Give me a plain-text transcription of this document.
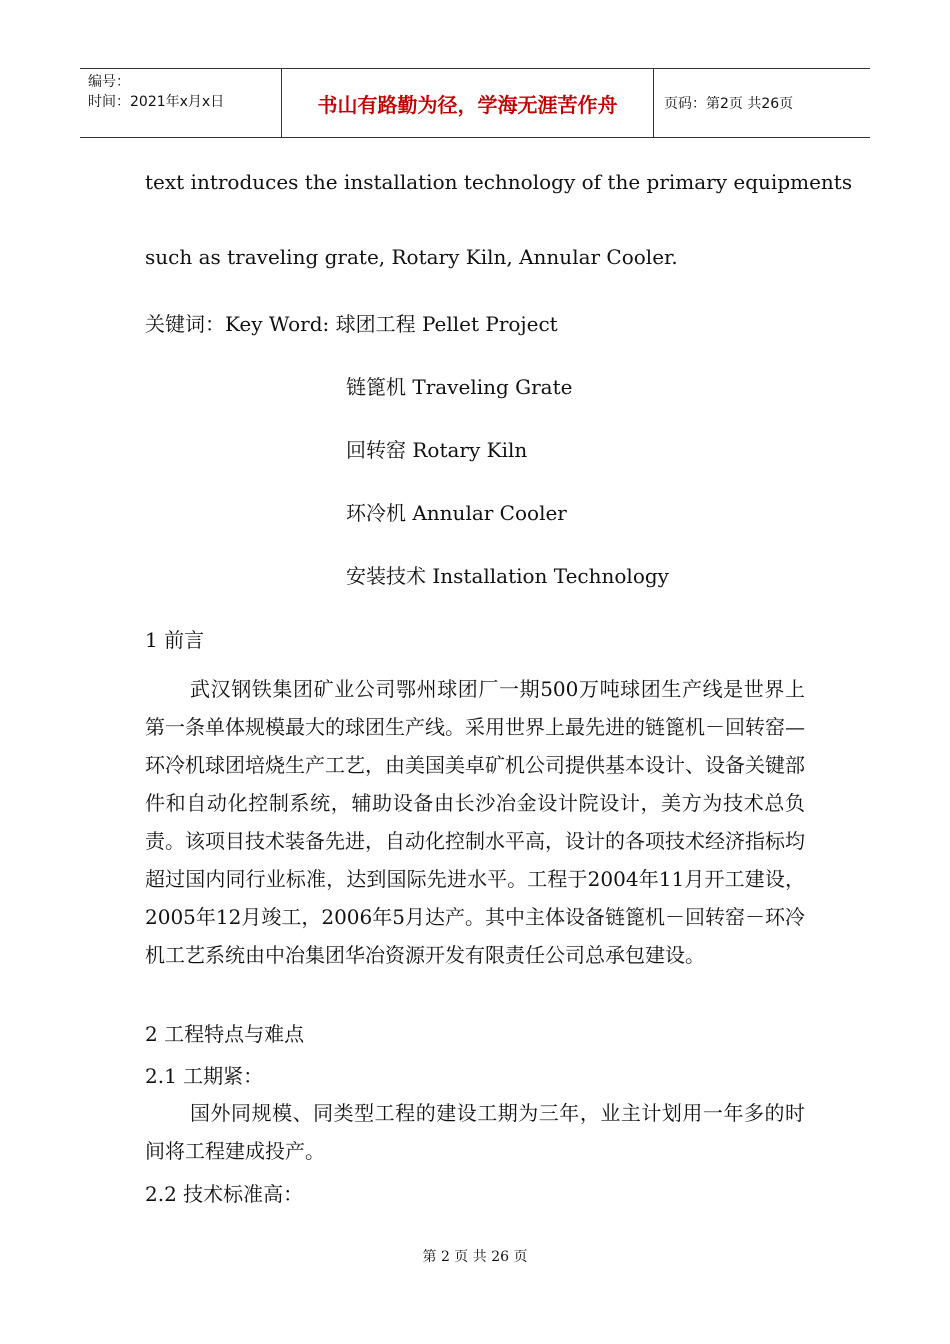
编号：
时间：2021年x月x日	书山有路勤为径，学海无涯苦作舟	页码：第2页 共26页
text introduces the installation technology of the primary equipments
such as traveling grate, Rotary Kiln, Annular Cooler.
关键词：Key Word: 球团工程 Pellet Project
链篦机 Traveling Grate
回转窑 Rotary Kiln
环冷机 Annular Cooler
安装技术 Installation Technology
1 前言
武汉钢铁集团矿业公司鄂州球团厂一期500万吨球团生产线是世界上第一条单体规模最大的球团生产线。采用世界上最先进的链篦机－回转窑—环冷机球团培烧生产工艺，由美国美卓矿机公司提供基本设计、设备关键部件和自动化控制系统，辅助设备由长沙冶金设计院设计，美方为技术总负责。该项目技术装备先进，自动化控制水平高，设计的各项技术经济指标均超过国内同行业标准，达到国际先进水平。工程于2004年11月开工建设，2005年12月竣工，2006年5月达产。其中主体设备链篦机－回转窑－环冷机工艺系统由中冶集团华冶资源开发有限责任公司总承包建设。
2 工程特点与难点
2.1 工期紧：
国外同规模、同类型工程的建设工期为三年，业主计划用一年多的时间将工程建成投产。
2.2 技术标准高：
第 2 页 共 26 页
